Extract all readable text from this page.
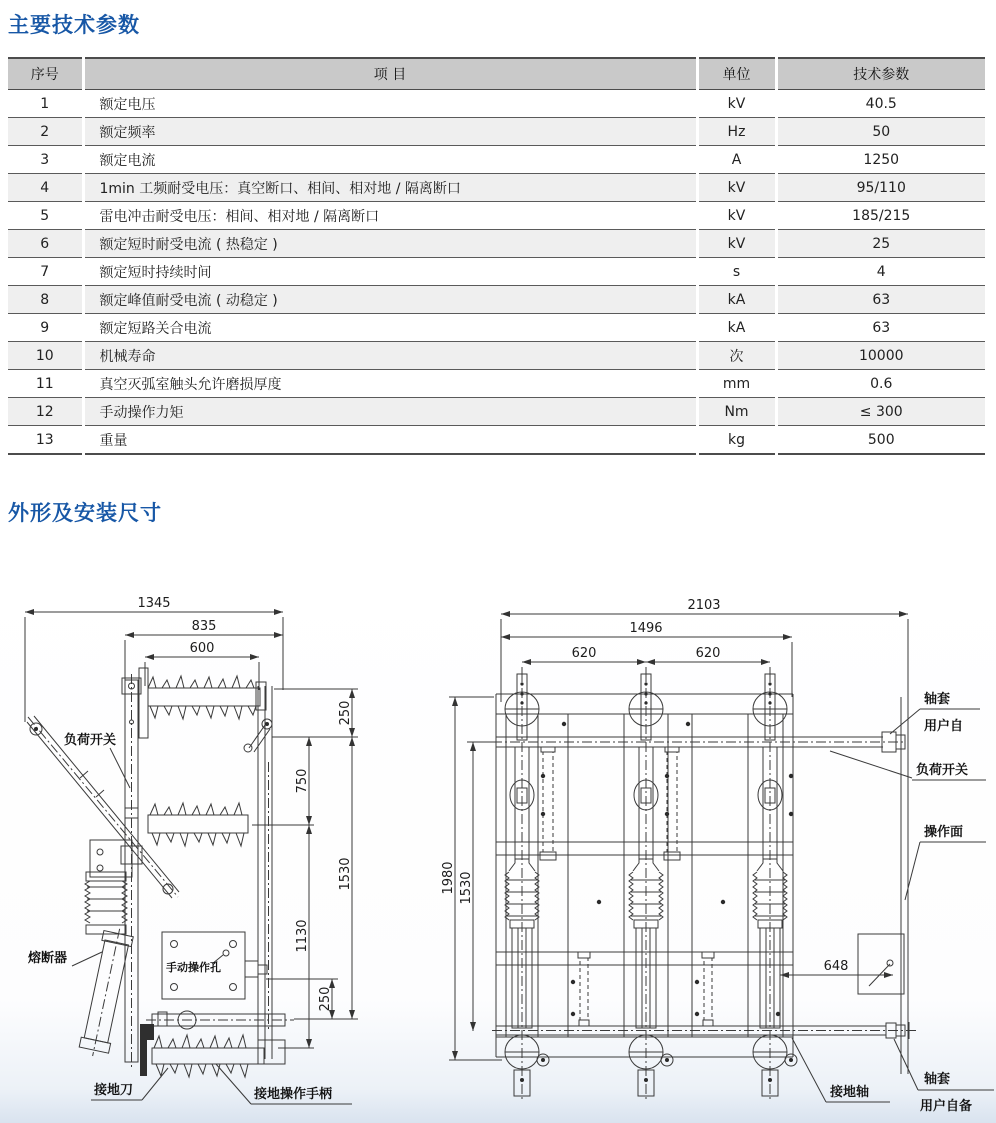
主要技术参数
序号	项 目	单位	技术参数
1	额定电压	kV	40.5
2	额定频率	Hz	50
3	额定电流	A	1250
4	1min 工频耐受电压：真空断口、相间、相对地 / 隔离断口	kV	95/110
5	雷电冲击耐受电压：相间、相对地 / 隔离断口	kV	185/215
6	额定短时耐受电流 ( 热稳定 )	kV	25
7	额定短时持续时间	s	4
8	额定峰值耐受电流 ( 动稳定 )	kA	63
9	额定短路关合电流	kA	63
10	机械寿命	次	10000
11	真空灭弧室触头允许磨损厚度	mm	0.6
12	手动操作力矩	Nm	≤ 300
13	重量	kg	500
外形及安装尺寸
1345
835
600
250
750
1130
250
1530
负荷开关
熔断器
手动操作孔
接地刀	接地操作手柄
2103
1496
620	620
1980 1530
648
轴套
用户自
负荷开关
操作面
接地轴
轴套
用户自备
